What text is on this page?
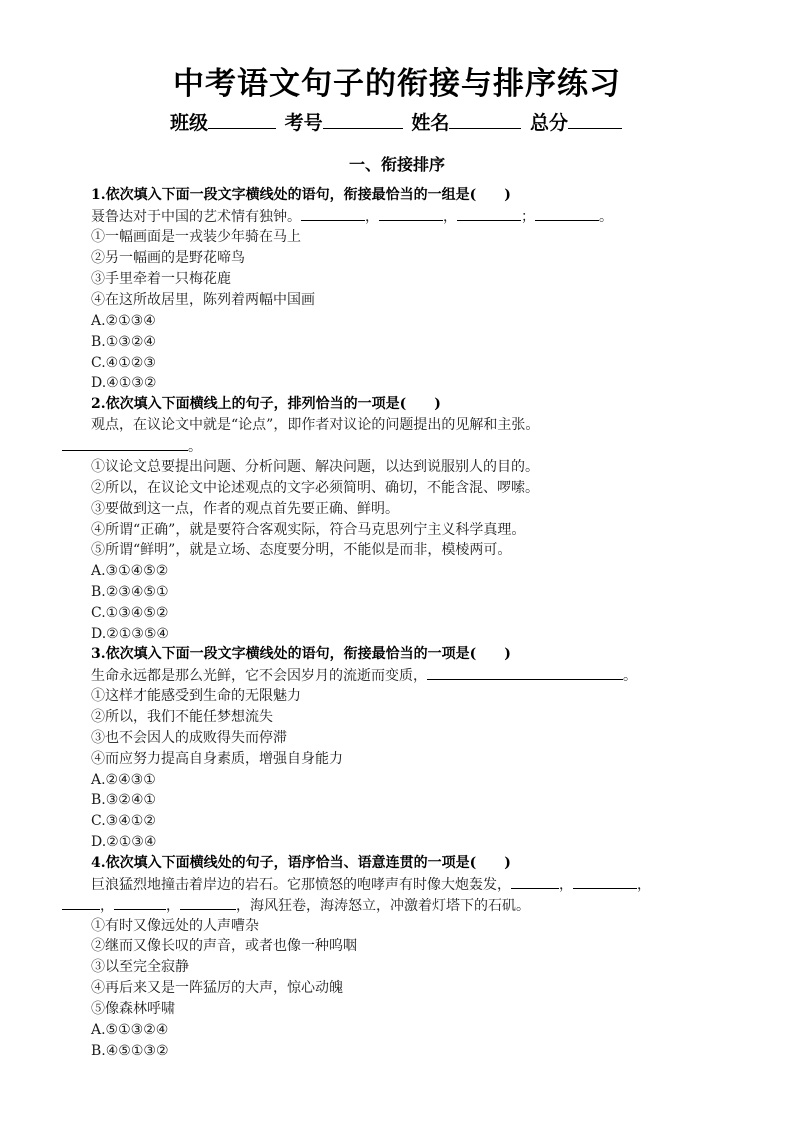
中考语文句子的衔接与排序练习
班级	考号	姓名	总分
一、衔接排序
1.依次填入下面一段文字横线处的语句，衔接最恰当的一组是(　　)
聂鲁达对于中国的艺术情有独钟。	，	，	；	。
①一幅画面是一戎装少年骑在马上
②另一幅画的是野花啼鸟
③手里牵着一只梅花鹿
④在这所故居里，陈列着两幅中国画
A.②①③④
B.①③②④
C.④①②③
D.④①③②
2.依次填入下面横线上的句子，排列恰当的一项是(　　)
观点，在议论文中就是“论点”，即作者对议论的问题提出的见解和主张。
。
①议论文总要提出问题、分析问题、解决问题，以达到说服别人的目的。
②所以，在议论文中论述观点的文字必须简明、确切，不能含混、啰嗦。
③要做到这一点，作者的观点首先要正确、鲜明。
④所谓“正确”，就是要符合客观实际，符合马克思列宁主义科学真理。
⑤所谓“鲜明”，就是立场、态度要分明，不能似是而非，模棱两可。
A.③①④⑤②
B.②③④⑤①
C.①③④⑤②
D.②①③⑤④
3.依次填入下面一段文字横线处的语句，衔接最恰当的一项是(　　)
生命永远都是那么光鲜，它不会因岁月的流逝而变质，	。
①这样才能感受到生命的无限魅力
②所以，我们不能任梦想流失
③也不会因人的成败得失而停滞
④而应努力提高自身素质，增强自身能力
A.②④③①
B.③②④①
C.③④①②
D.②①③④
4.依次填入下面横线处的句子，语序恰当、语意连贯的一项是(　　)
巨浪猛烈地撞击着岸边的岩石。它那愤怒的咆哮声有时像大炮轰发，	，	，
，	，	，海风狂卷，海涛怒立，冲激着灯塔下的石矶。
①有时又像远处的人声嘈杂
②继而又像长叹的声音，或者也像一种呜咽
③以至完全寂静
④再后来又是一阵猛厉的大声，惊心动魄
⑤像森林呼啸
A.⑤①③②④
B.④⑤①③②
